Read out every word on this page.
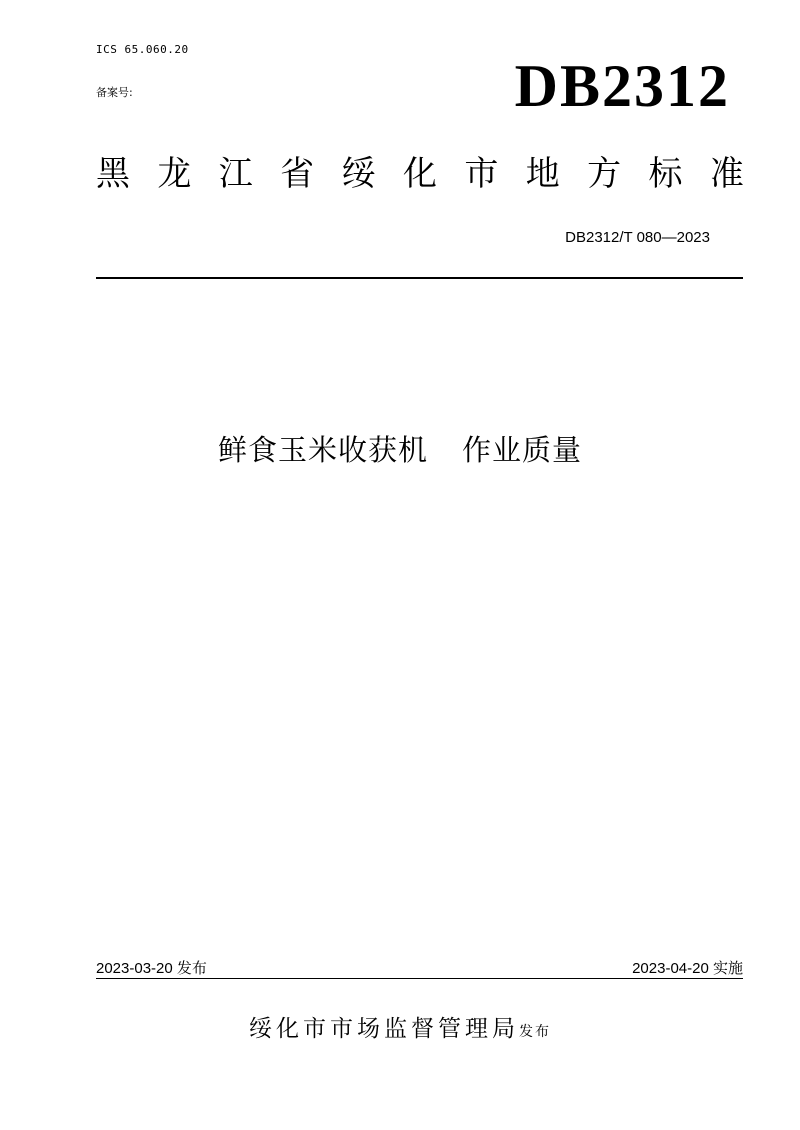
ICS 65.060.20
备案号:	DB2312
黑 龙 江 省 绥 化 市 地 方 标 准
DB2312/T 080—2023
鲜食玉米收获机 作业质量
2023-03-20 发布	2023-04-20 实施
绥化市市场监督管理局发布
